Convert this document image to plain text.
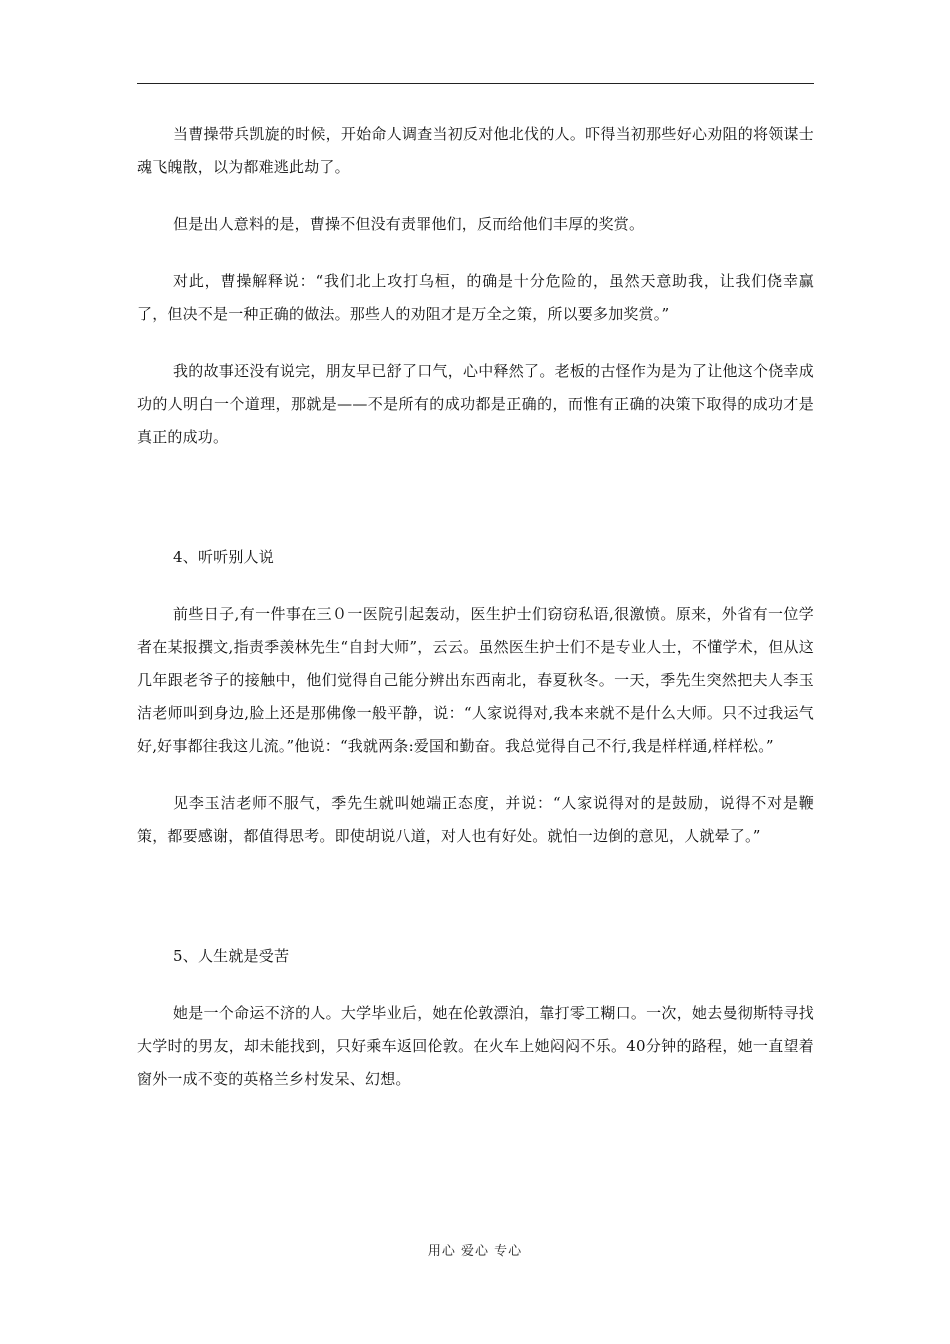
当曹操带兵凯旋的时候，开始命人调查当初反对他北伐的人。吓得当初那些好心劝阻的将领谋士魂飞魄散，以为都难逃此劫了。

但是出人意料的是，曹操不但没有责罪他们，反而给他们丰厚的奖赏。

对此，曹操解释说：“我们北上攻打乌桓，的确是十分危险的，虽然天意助我，让我们侥幸赢了，但决不是一种正确的做法。那些人的劝阻才是万全之策，所以要多加奖赏。”

我的故事还没有说完，朋友早已舒了口气，心中释然了。老板的古怪作为是为了让他这个侥幸成功的人明白一个道理，那就是——不是所有的成功都是正确的，而惟有正确的决策下取得的成功才是真正的成功。

4、听听别人说

前些日子,有一件事在三０一医院引起轰动，医生护士们窃窃私语,很激愤。原来，外省有一位学者在某报撰文,指责季羡林先生“自封大师”，云云。虽然医生护士们不是专业人士，不懂学术，但从这几年跟老爷子的接触中，他们觉得自己能分辨出东西南北，春夏秋冬。一天，季先生突然把夫人李玉洁老师叫到身边,脸上还是那佛像一般平静，说：“人家说得对,我本来就不是什么大师。只不过我运气好,好事都往我这儿流。”他说：“我就两条:爱国和勤奋。我总觉得自己不行,我是样样通,样样松。”

见李玉洁老师不服气，季先生就叫她端正态度，并说：“人家说得对的是鼓励，说得不对是鞭策，都要感谢，都值得思考。即使胡说八道，对人也有好处。就怕一边倒的意见，人就晕了。”

5、人生就是受苦

她是一个命运不济的人。大学毕业后，她在伦敦漂泊，靠打零工糊口。一次，她去曼彻斯特寻找大学时的男友，却未能找到，只好乘车返回伦敦。在火车上她闷闷不乐。40分钟的路程，她一直望着窗外一成不变的英格兰乡村发呆、幻想。

用心 爱心 专心
